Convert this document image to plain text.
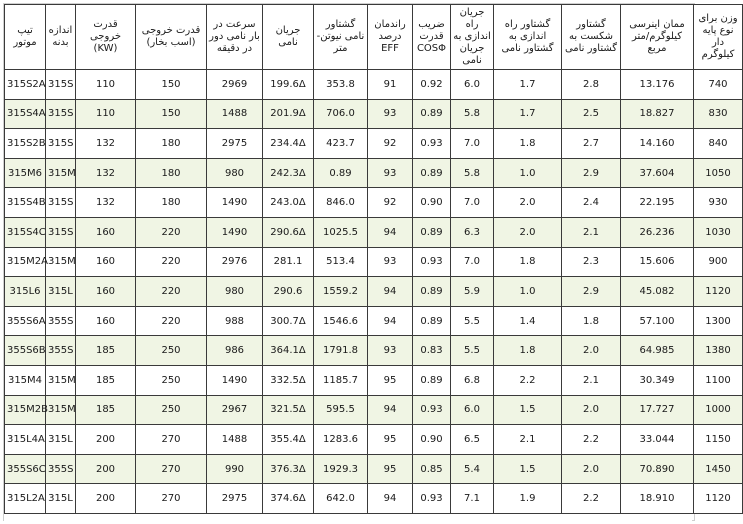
تیپ موتور	اندازه بدنه	قدرت خروجی (KW)	قدرت خروجی (اسب بخار)	سرعت در بار نامی دور در دقیقه	جریان نامی	گشتاور نامی نیوتن-متر	راندمان درصد EFF	ضریب قدرت COSΦ	جریان راه اندازی به جریان نامی	گشتاور راه اندازی به گشتاور نامی	گشتاور شکست به گشتاور نامی	ممان اینرسی کیلوگرم/متر مربع	وزن برای نوع پایه دار کیلوگرم
315S2A	315S	110	150	2969	199.6Δ	353.8	91	0.92	6.0	1.7	2.8	13.176	740
315S4A	315S	110	150	1488	201.9Δ	706.0	93	0.89	5.8	1.7	2.5	18.827	830
315S2B	315S	132	180	2975	234.4Δ	423.7	92	0.93	7.0	1.8	2.7	14.160	840
315M6	315M	132	180	980	242.3Δ	0.89	93	0.89	5.8	1.0	2.9	37.604	1050
315S4B	315S	132	180	1490	243.0Δ	846.0	92	0.90	7.0	2.0	2.4	22.195	930
315S4C	315S	160	220	1490	290.6Δ	1025.5	94	0.89	6.3	2.0	2.1	26.236	1030
315M2A	315M	160	220	2976	281.1	513.4	93	0.93	7.0	1.8	2.3	15.606	900
315L6	315L	160	220	980	290.6	1559.2	94	0.89	5.9	1.0	2.9	45.082	1120
355S6A	355S	160	220	988	300.7Δ	1546.6	94	0.89	5.5	1.4	1.8	57.100	1300
355S6B	355S	185	250	986	364.1Δ	1791.8	93	0.83	5.5	1.8	2.0	64.985	1380
315M4	315M	185	250	1490	332.5Δ	1185.7	95	0.89	6.8	2.2	2.1	30.349	1100
315M2B	315M	185	250	2967	321.5Δ	595.5	94	0.93	6.0	1.5	2.0	17.727	1000
315L4A	315L	200	270	1488	355.4Δ	1283.6	95	0.90	6.5	2.1	2.2	33.044	1150
355S6C	355S	200	270	990	376.3Δ	1929.3	95	0.85	5.4	1.5	2.0	70.890	1450
315L2A	315L	200	270	2975	374.6Δ	642.0	94	0.93	7.1	1.9	2.2	18.910	1120
